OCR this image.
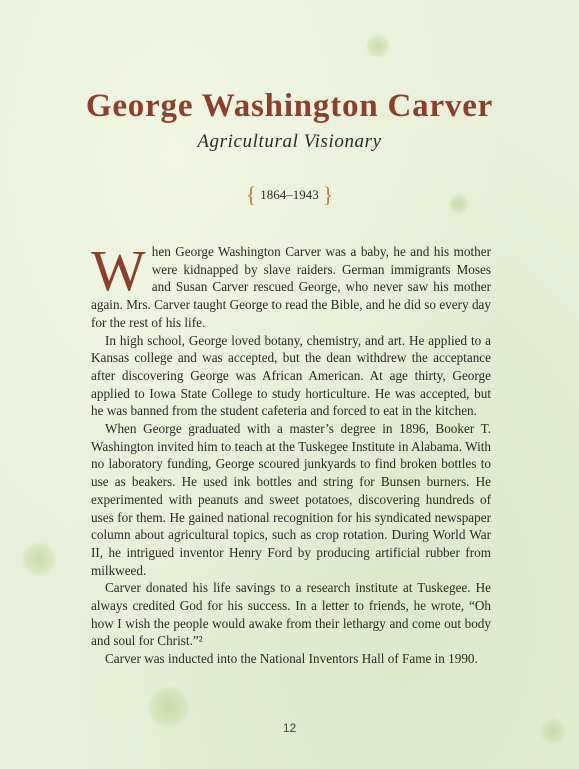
George Washington Carver
Agricultural Visionary
{ 1864–1943 }

When George Washington Carver was a baby, he and his mother were kidnapped by slave raiders. German immigrants Moses and Susan Carver rescued George, who never saw his mother again. Mrs. Carver taught George to read the Bible, and he did so every day for the rest of his life.

In high school, George loved botany, chemistry, and art. He applied to a Kansas college and was accepted, but the dean withdrew the acceptance after discovering George was African American. At age thirty, George applied to Iowa State College to study horticulture. He was accepted, but he was banned from the student cafeteria and forced to eat in the kitchen.

When George graduated with a master’s degree in 1896, Booker T. Washington invited him to teach at the Tuskegee Institute in Alabama. With no laboratory funding, George scoured junkyards to find broken bottles to use as beakers. He used ink bottles and string for Bunsen burners. He experimented with peanuts and sweet potatoes, discovering hundreds of uses for them. He gained national recognition for his syndicated newspaper column about agricultural topics, such as crop rotation. During World War II, he intrigued inventor Henry Ford by producing artificial rubber from milkweed.

Carver donated his life savings to a research institute at Tuskegee. He always credited God for his success. In a letter to friends, he wrote, “Oh how I wish the people would awake from their lethargy and come out body and soul for Christ.”²

Carver was inducted into the National Inventors Hall of Fame in 1990.

12
